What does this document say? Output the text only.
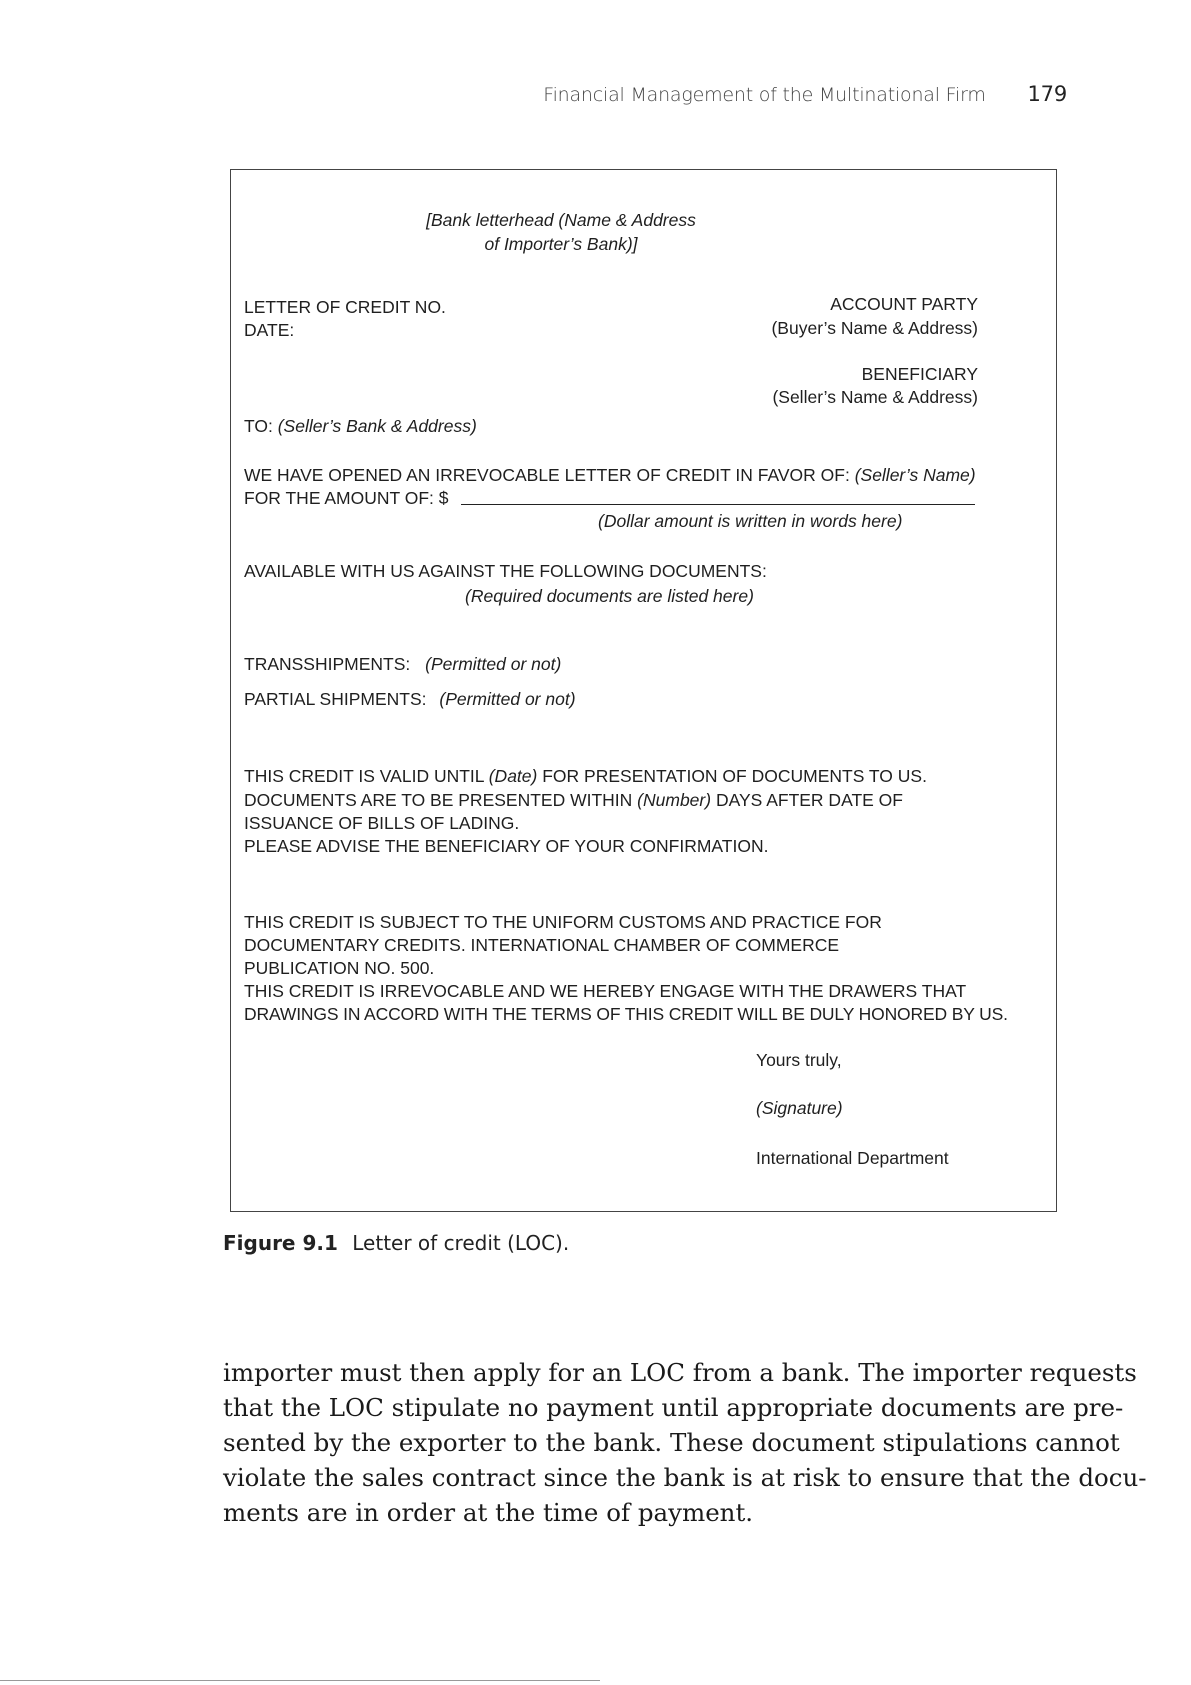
Financial Management of the Multinational Firm 179
[Bank letterhead (Name & Address
of Importer’s Bank)]
LETTER OF CREDIT NO.
DATE:
ACCOUNT PARTY
(Buyer’s Name & Address)
BENEFICIARY
(Seller’s Name & Address)
TO: (Seller’s Bank & Address)
WE HAVE OPENED AN IRREVOCABLE LETTER OF CREDIT IN FAVOR OF: (Seller’s Name)
FOR THE AMOUNT OF: $
(Dollar amount is written in words here)
AVAILABLE WITH US AGAINST THE FOLLOWING DOCUMENTS:
(Required documents are listed here)
TRANSSHIPMENTS: (Permitted or not)
PARTIAL SHIPMENTS: (Permitted or not)
THIS CREDIT IS VALID UNTIL (Date) FOR PRESENTATION OF DOCUMENTS TO US.
DOCUMENTS ARE TO BE PRESENTED WITHIN (Number) DAYS AFTER DATE OF
ISSUANCE OF BILLS OF LADING.
PLEASE ADVISE THE BENEFICIARY OF YOUR CONFIRMATION.
THIS CREDIT IS SUBJECT TO THE UNIFORM CUSTOMS AND PRACTICE FOR
DOCUMENTARY CREDITS. INTERNATIONAL CHAMBER OF COMMERCE
PUBLICATION NO. 500.
THIS CREDIT IS IRREVOCABLE AND WE HEREBY ENGAGE WITH THE DRAWERS THAT
DRAWINGS IN ACCORD WITH THE TERMS OF THIS CREDIT WILL BE DULY HONORED BY US.
Yours truly,
(Signature)
International Department
Figure 9.1 Letter of credit (LOC).
importer must then apply for an LOC from a bank. The importer requests
that the LOC stipulate no payment until appropriate documents are pre-
sented by the exporter to the bank. These document stipulations cannot
violate the sales contract since the bank is at risk to ensure that the docu-
ments are in order at the time of payment.
